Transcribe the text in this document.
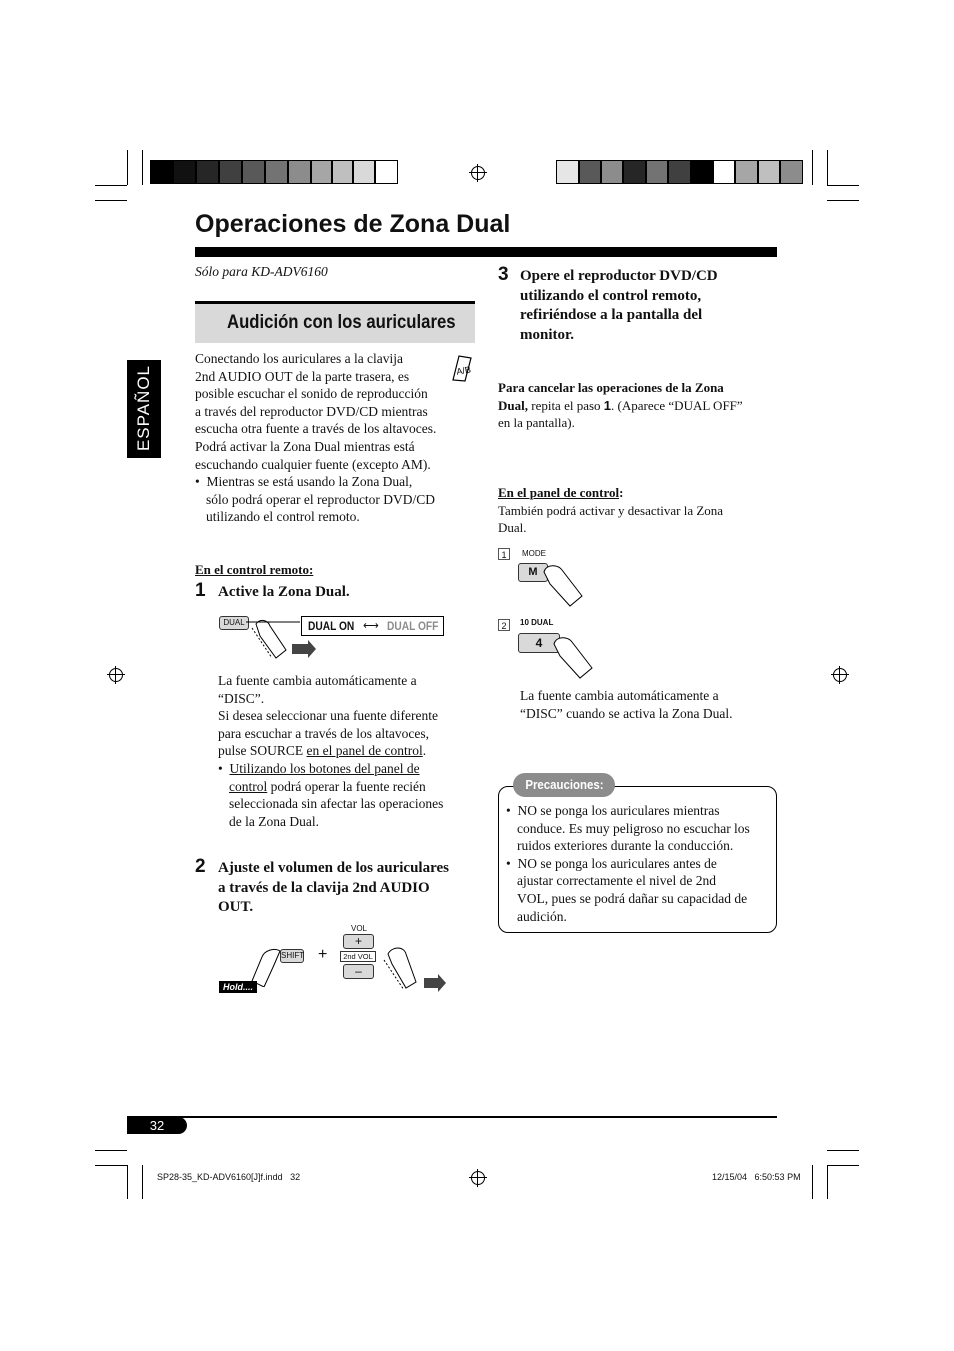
Operaciones de Zona Dual
ESPAÑOL
Sólo para KD-ADV6160
Audición con los auriculares
Conectando los auriculares a la clavija
2nd AUDIO OUT de la parte trasera, es
posible escuchar el sonido de reproducción
a través del reproductor DVD/CD mientras
escucha otra fuente a través de los altavoces.
Podrá activar la Zona Dual mientras está
escuchando cualquier fuente (excepto AM).
A/B
•  Mientras se está usando la Zona Dual,
sólo podrá operar el reproductor DVD/CD
utilizando el control remoto.
En el control remoto:
1 Active la Zona Dual.
DUAL	DUAL ON ⟷ DUAL OFF
La fuente cambia automáticamente a
“DISC”.
Si desea seleccionar una fuente diferente
para escuchar a través de los altavoces,
pulse SOURCE en el panel de control.
•  Utilizando los botones del panel de
control podrá operar la fuente recién
seleccionada sin afectar las operaciones
de la Zona Dual.
2 Ajuste el volumen de los auriculares
a través de la clavija 2nd AUDIO
OUT.
SHIFT
Hold....
+
VOL
+
2nd VOL
–
3 Opere el reproductor DVD/CD
utilizando el control remoto,
refiriéndose a la pantalla del
monitor.
Para cancelar las operaciones de la Zona
Dual, repita el paso 1. (Aparece “DUAL OFF”
en la pantalla).
En el panel de control:
También podrá activar y desactivar la Zona
Dual.
1	MODE
M
2	10 DUAL
4
La fuente cambia automáticamente a
“DISC” cuando se activa la Zona Dual.
Precauciones:
•  NO se ponga los auriculares mientras
conduce. Es muy peligroso no escuchar los
ruidos exteriores durante la conducción.
•  NO se ponga los auriculares antes de
ajustar correctamente el nivel de 2nd
VOL, pues se podrá dañar su capacidad de
audición.
32
SP28-35_KD-ADV6160[J]f.indd   32	12/15/04   6:50:53 PM
